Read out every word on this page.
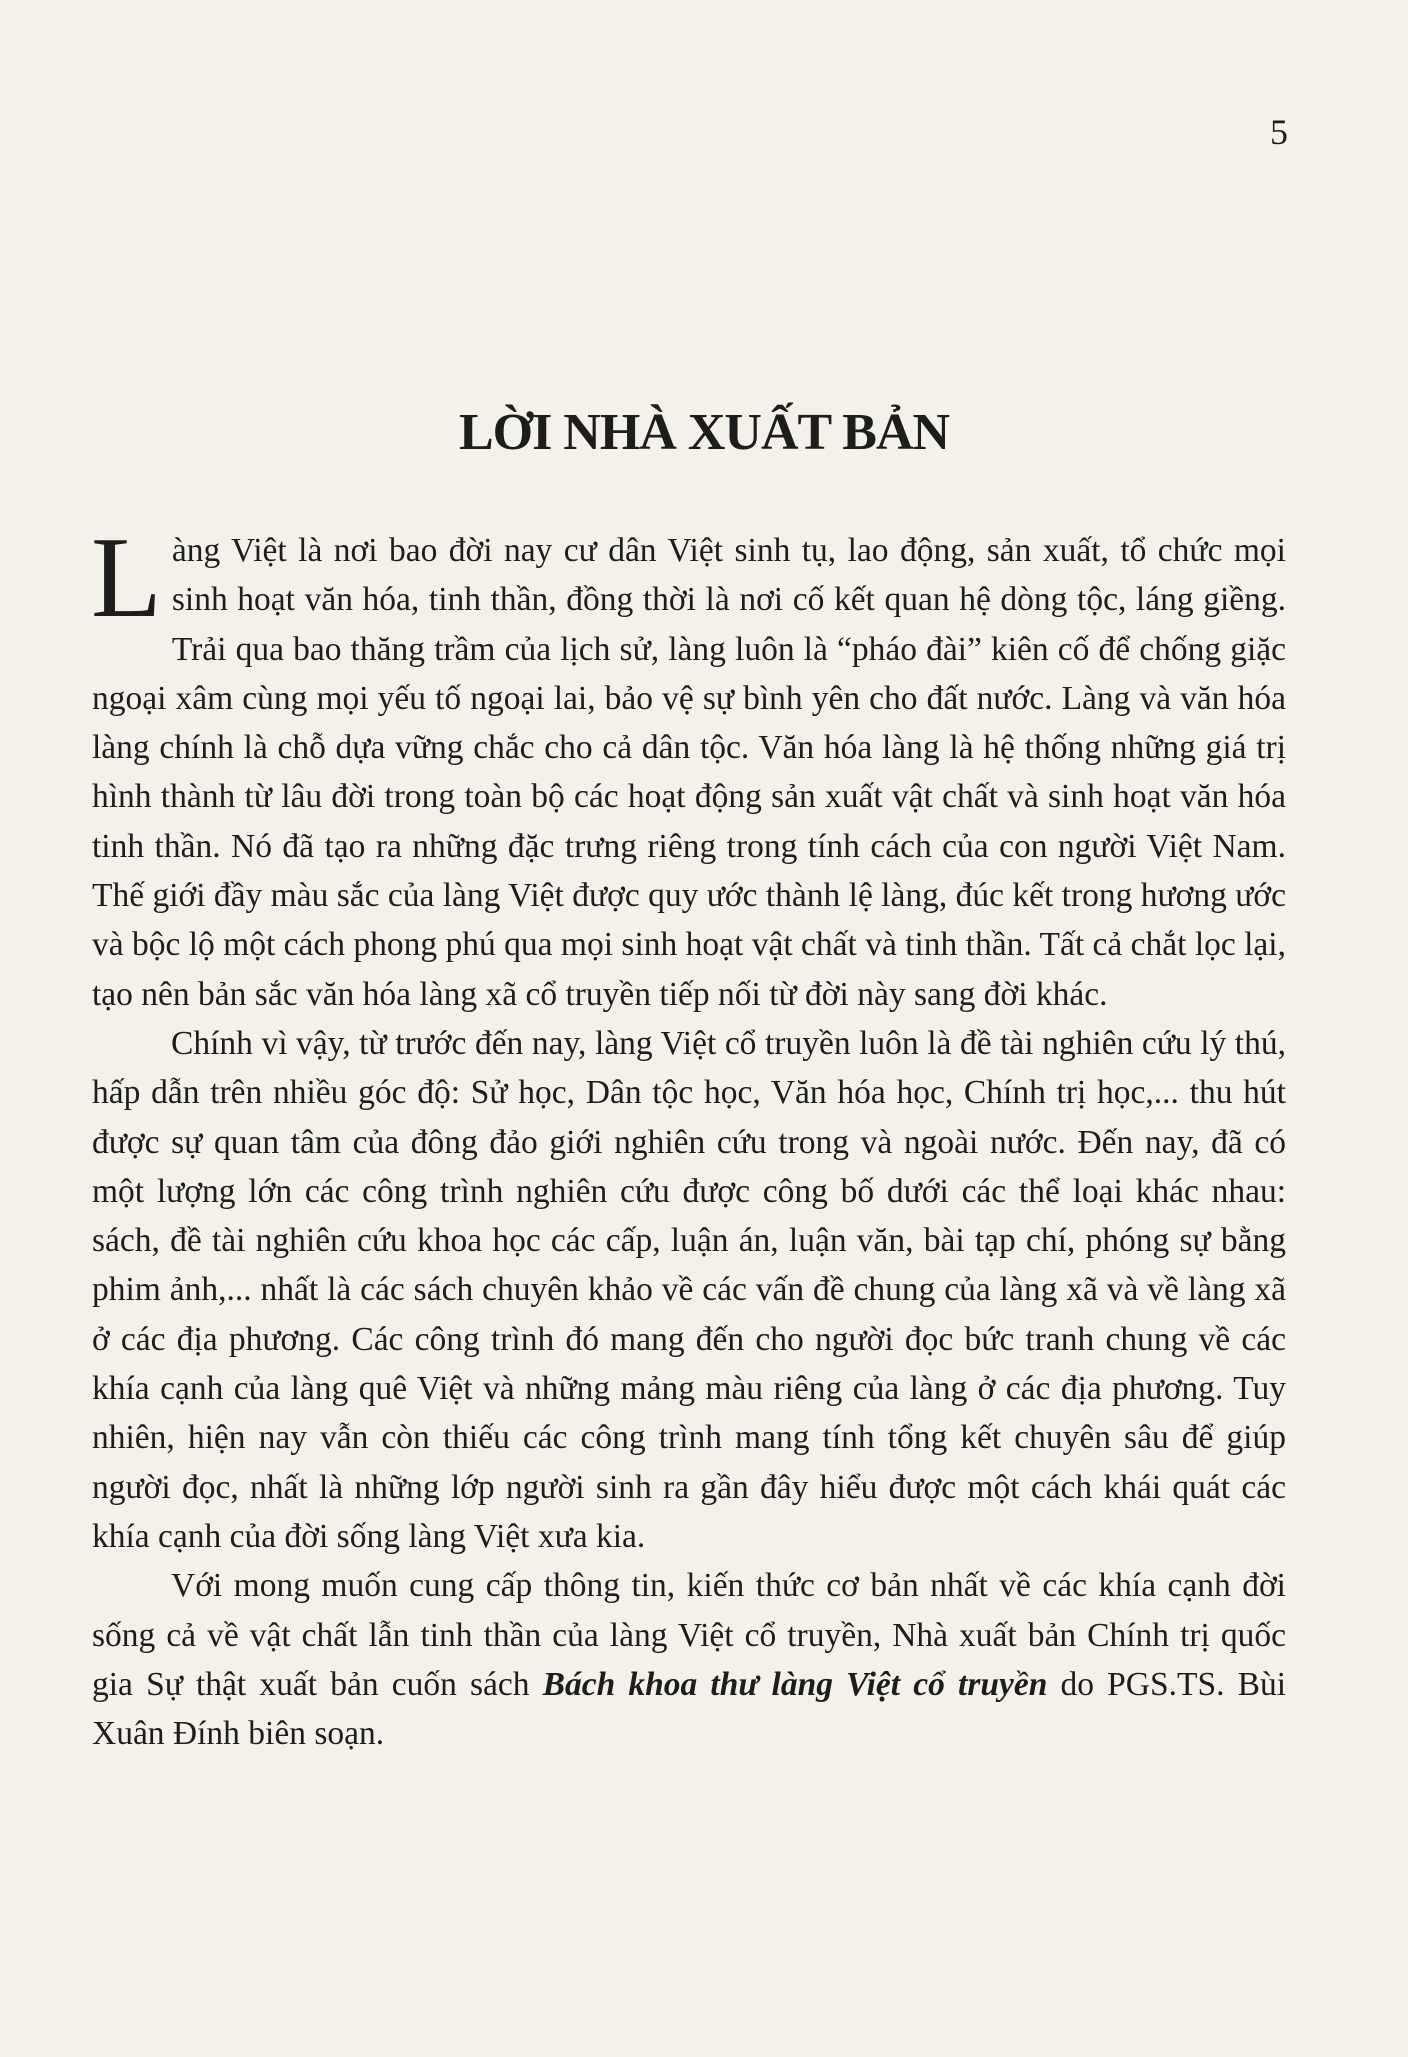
5
LỜI NHÀ XUẤT BẢN

Làng Việt là nơi bao đời nay cư dân Việt sinh tụ, lao động, sản xuất, tổ chức mọi sinh hoạt văn hóa, tinh thần, đồng thời là nơi cố kết quan hệ dòng tộc, láng giềng. Trải qua bao thăng trầm của lịch sử, làng luôn là “pháo đài” kiên cố để chống giặc ngoại xâm cùng mọi yếu tố ngoại lai, bảo vệ sự bình yên cho đất nước. Làng và văn hóa làng chính là chỗ dựa vững chắc cho cả dân tộc. Văn hóa làng là hệ thống những giá trị hình thành từ lâu đời trong toàn bộ các hoạt động sản xuất vật chất và sinh hoạt văn hóa tinh thần. Nó đã tạo ra những đặc trưng riêng trong tính cách của con người Việt Nam. Thế giới đầy màu sắc của làng Việt được quy ước thành lệ làng, đúc kết trong hương ước và bộc lộ một cách phong phú qua mọi sinh hoạt vật chất và tinh thần. Tất cả chắt lọc lại, tạo nên bản sắc văn hóa làng xã cổ truyền tiếp nối từ đời này sang đời khác.

Chính vì vậy, từ trước đến nay, làng Việt cổ truyền luôn là đề tài nghiên cứu lý thú, hấp dẫn trên nhiều góc độ: Sử học, Dân tộc học, Văn hóa học, Chính trị học,... thu hút được sự quan tâm của đông đảo giới nghiên cứu trong và ngoài nước. Đến nay, đã có một lượng lớn các công trình nghiên cứu được công bố dưới các thể loại khác nhau: sách, đề tài nghiên cứu khoa học các cấp, luận án, luận văn, bài tạp chí, phóng sự bằng phim ảnh,... nhất là các sách chuyên khảo về các vấn đề chung của làng xã và về làng xã ở các địa phương. Các công trình đó mang đến cho người đọc bức tranh chung về các khía cạnh của làng quê Việt và những mảng màu riêng của làng ở các địa phương. Tuy nhiên, hiện nay vẫn còn thiếu các công trình mang tính tổng kết chuyên sâu để giúp người đọc, nhất là những lớp người sinh ra gần đây hiểu được một cách khái quát các khía cạnh của đời sống làng Việt xưa kia.

Với mong muốn cung cấp thông tin, kiến thức cơ bản nhất về các khía cạnh đời sống cả về vật chất lẫn tinh thần của làng Việt cổ truyền, Nhà xuất bản Chính trị quốc gia Sự thật xuất bản cuốn sách Bách khoa thư làng Việt cổ truyền do PGS.TS. Bùi Xuân Đính biên soạn.
